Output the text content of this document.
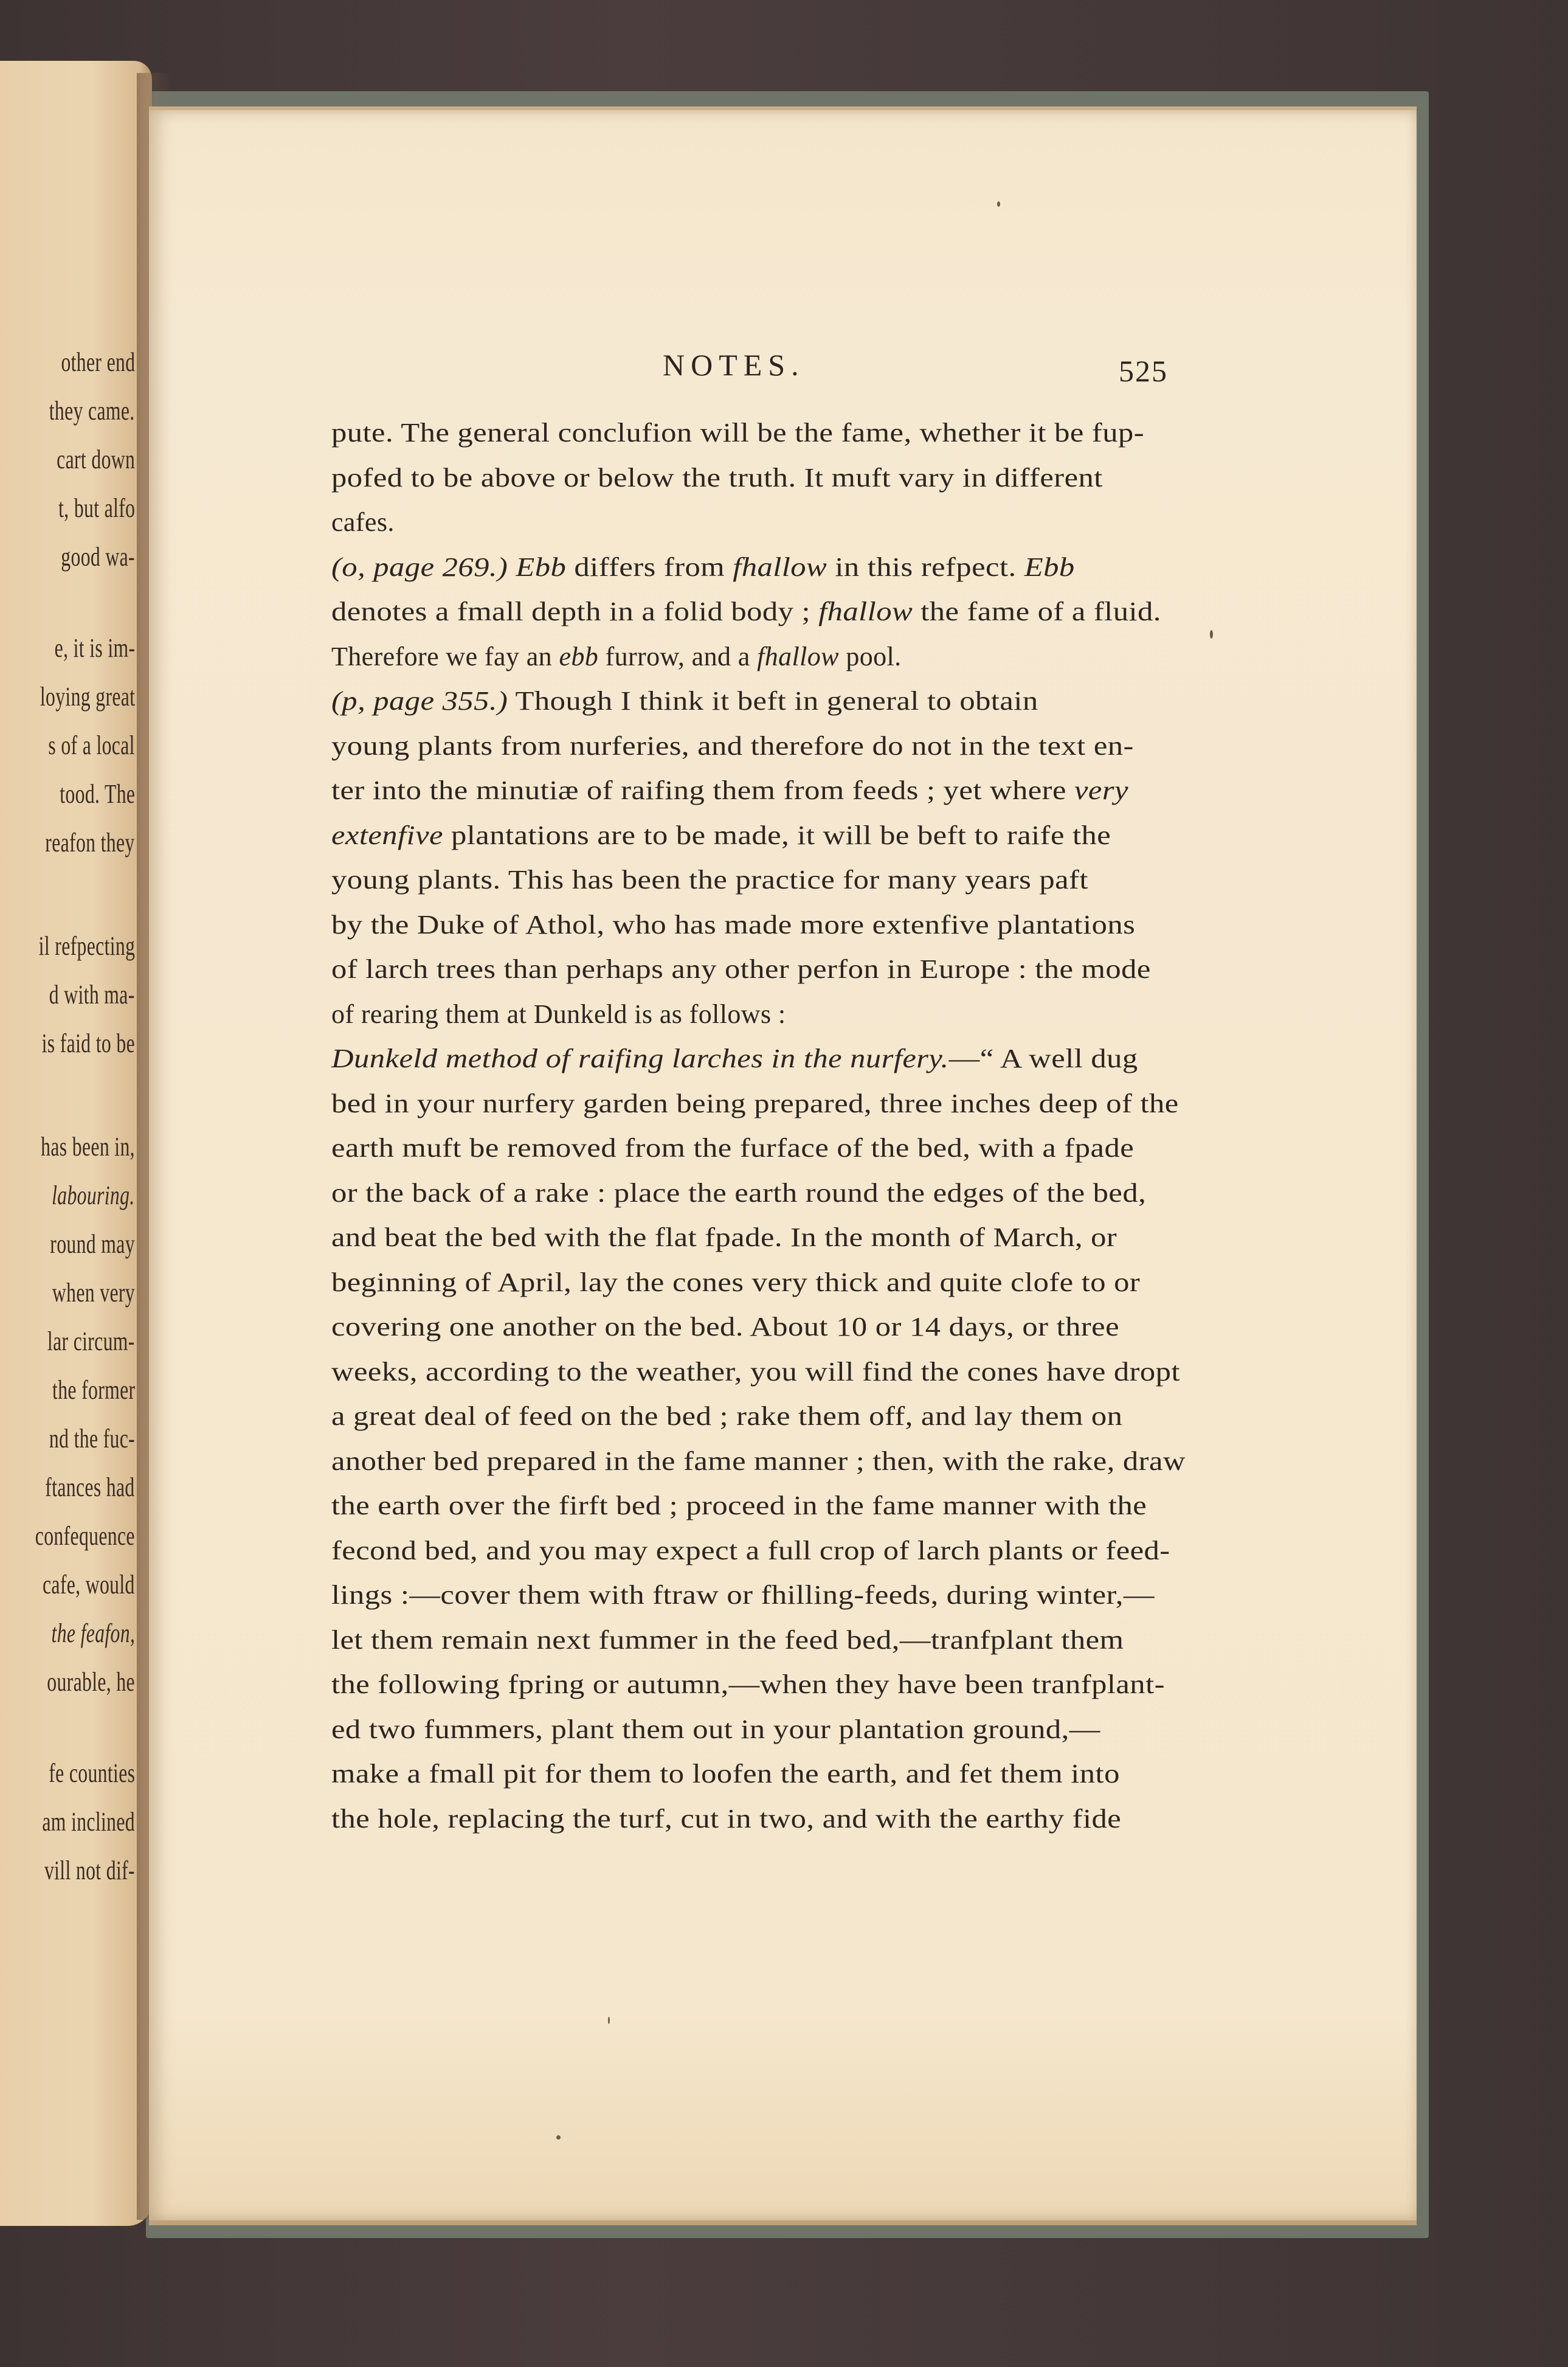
other end
they came.
cart down
t, but alfo
good wa-
e, it is im-
loying great
s of a local
tood. The
reafon they
il refpecting
d with ma-
is faid to be
has been in,
labouring.
round may
when very
lar circum-
the former
nd the fuc-
ftances had
confequence
cafe, would
the feafon,
ourable, he
fe counties
am inclined
vill not dif-
NOTES.	525
pute. The general conclufion will be the fame, whether it be fup-
pofed to be above or below the truth. It muft vary in different
cafes.
(o, page 269.) Ebb differs from fhallow in this refpect. Ebb
denotes a fmall depth in a folid body ; fhallow the fame of a fluid.
Therefore we fay an ebb furrow, and a fhallow pool.
(p, page 355.) Though I think it beft in general to obtain
young plants from nurferies, and therefore do not in the text en-
ter into the minutiæ of raifing them from feeds ; yet where very
extenfive plantations are to be made, it will be beft to raife the
young plants. This has been the practice for many years paft
by the Duke of Athol, who has made more extenfive plantations
of larch trees than perhaps any other perfon in Europe : the mode
of rearing them at Dunkeld is as follows :
Dunkeld method of raifing larches in the nurfery.—“ A well dug
bed in your nurfery garden being prepared, three inches deep of the
earth muft be removed from the furface of the bed, with a fpade
or the back of a rake : place the earth round the edges of the bed,
and beat the bed with the flat fpade. In the month of March, or
beginning of April, lay the cones very thick and quite clofe to or
covering one another on the bed. About 10 or 14 days, or three
weeks, according to the weather, you will find the cones have dropt
a great deal of feed on the bed ; rake them off, and lay them on
another bed prepared in the fame manner ; then, with the rake, draw
the earth over the firft bed ; proceed in the fame manner with the
fecond bed, and you may expect a full crop of larch plants or feed-
lings :—cover them with ftraw or fhilling-feeds, during winter,—
let them remain next fummer in the feed bed,—tranfplant them
the following fpring or autumn,—when they have been tranfplant-
ed two fummers, plant them out in your plantation ground,—
make a fmall pit for them to loofen the earth, and fet them into
the hole, replacing the turf, cut in two, and with the earthy fide
